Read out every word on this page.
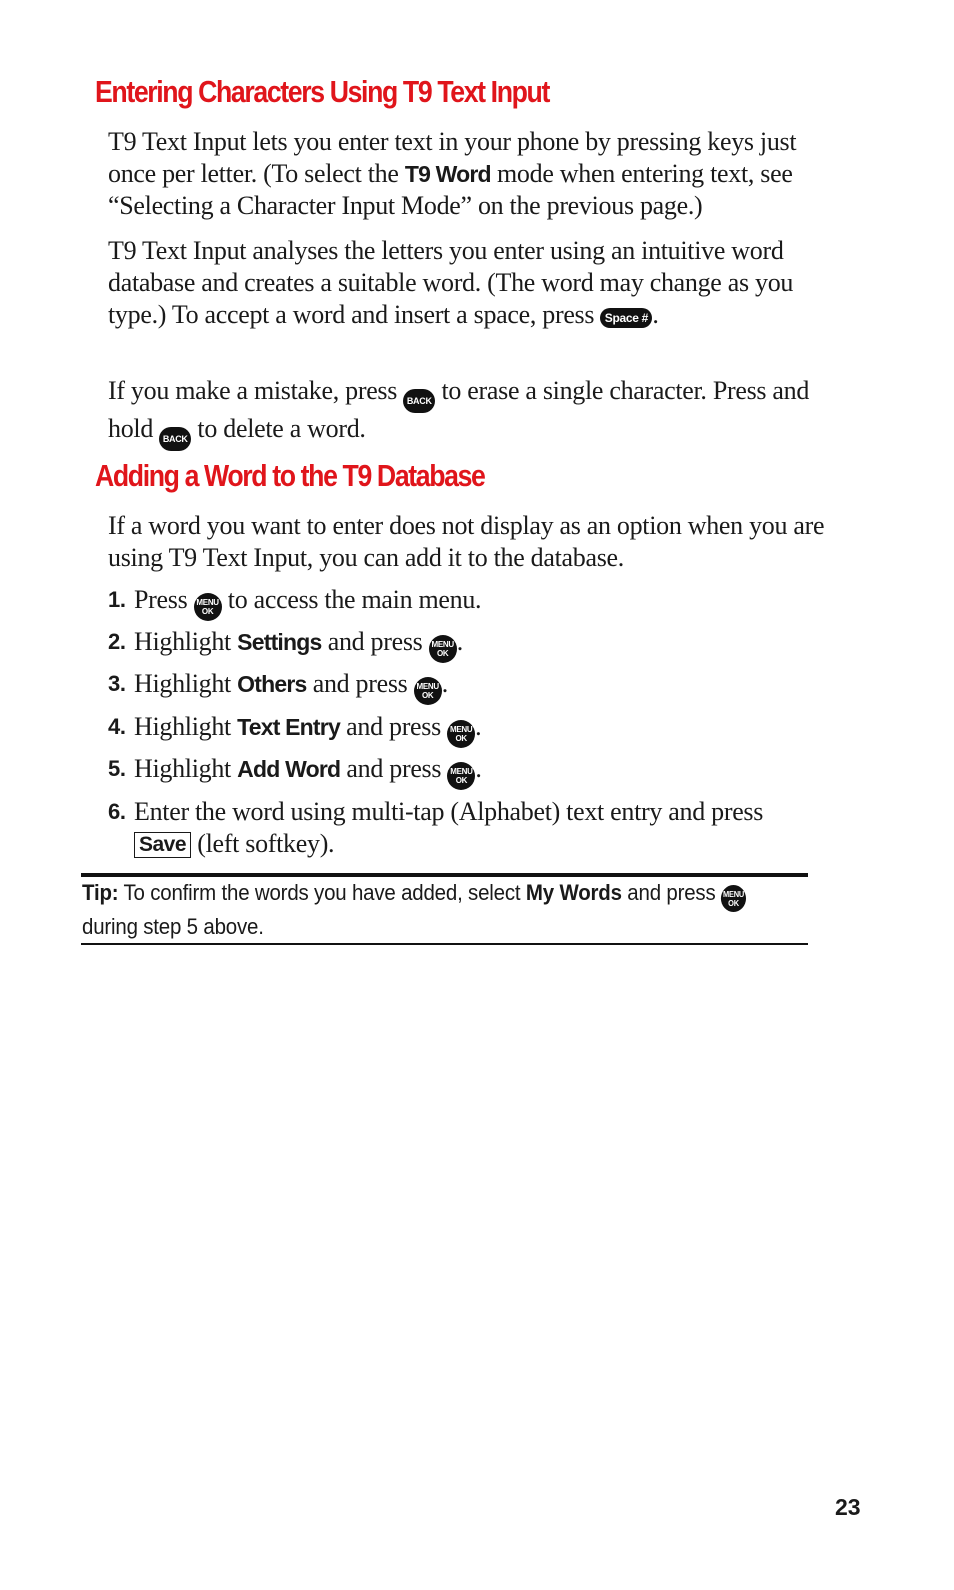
Entering Characters Using T9 Text Input

T9 Text Input lets you enter text in your phone by pressing keys just once per letter. (To select the T9 Word mode when entering text, see “Selecting a Character Input Mode” on the previous page.)

T9 Text Input analyses the letters you enter using an intuitive word database and creates a suitable word. (The word may change as you type.) To accept a word and insert a space, press Space # .

If you make a mistake, press BACK to erase a single character. Press and hold BACK to delete a word.

Adding a Word to the T9 Database

If a word you want to enter does not display as an option when you are using T9 Text Input, you can add it to the database.

1. Press MENU
OK to access the main menu.
2. Highlight Settings and press MENU
OK .
3. Highlight Others and press MENU
OK .
4. Highlight Text Entry and press MENU
OK .
5. Highlight Add Word and press MENU
OK .
6. Enter the word using multi-tap (Alphabet) text entry and press Save (left softkey).
Tip: To confirm the words you have added, select My Words and press MENU
OK
during step 5 above.
23
